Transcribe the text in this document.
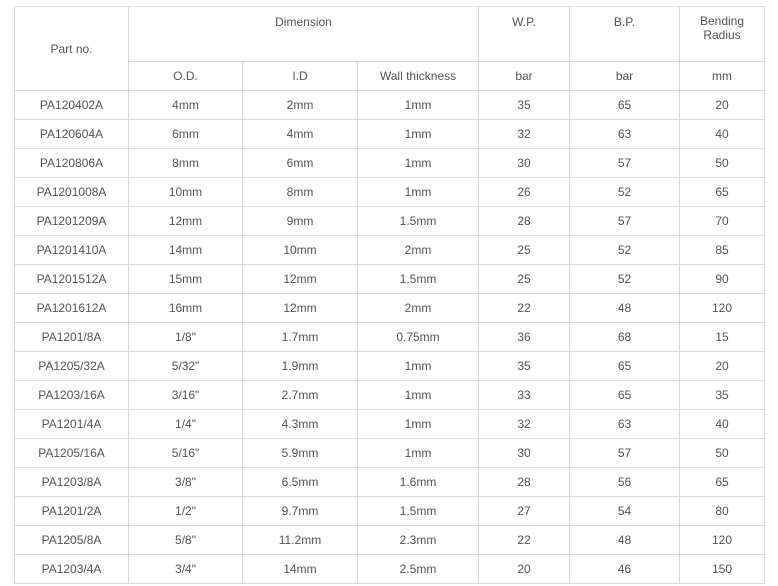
Part no.	Dimension			W.P.	B.P.	Bending Radius
	O.D.	I.D	Wall thickness	bar	bar	mm
PA120402A	4mm	2mm	1mm	35	65	20
PA120604A	6mm	4mm	1mm	32	63	40
PA120806A	8mm	6mm	1mm	30	57	50
PA1201008A	10mm	8mm	1mm	26	52	65
PA1201209A	12mm	9mm	1.5mm	28	57	70
PA1201410A	14mm	10mm	2mm	25	52	85
PA1201512A	15mm	12mm	1.5mm	25	52	90
PA1201612A	16mm	12mm	2mm	22	48	120
PA1201/8A	1/8"	1.7mm	0.75mm	36	68	15
PA1205/32A	5/32"	1.9mm	1mm	35	65	20
PA1203/16A	3/16"	2.7mm	1mm	33	65	35
PA1201/4A	1/4"	4.3mm	1mm	32	63	40
PA1205/16A	5/16"	5.9mm	1mm	30	57	50
PA1203/8A	3/8"	6.5mm	1.6mm	28	56	65
PA1201/2A	1/2"	9.7mm	1.5mm	27	54	80
PA1205/8A	5/8"	11.2mm	2.3mm	22	48	120
PA1203/4A	3/4"	14mm	2.5mm	20	46	150
